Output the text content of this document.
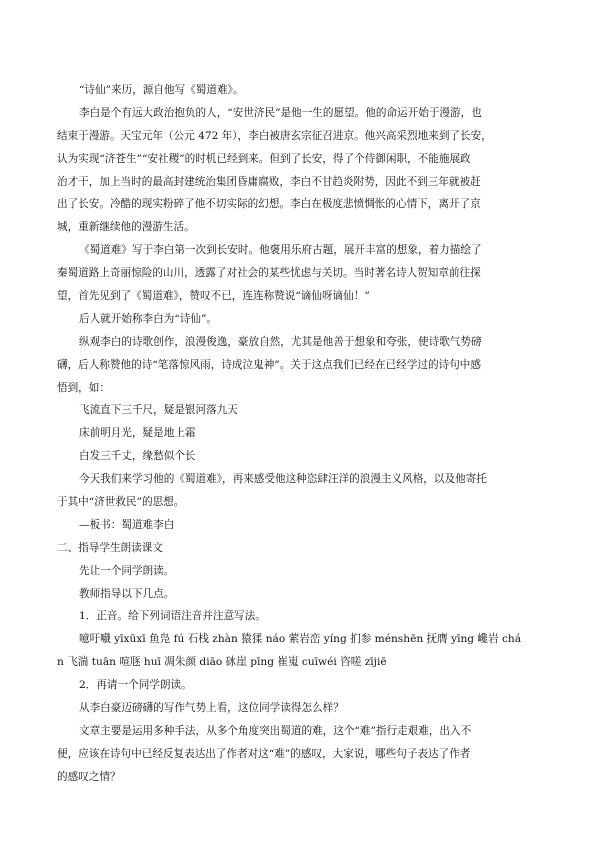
“诗仙”来历，源自他写《蜀道难》。
李白是个有远大政治抱负的人，“安世济民”是他一生的愿望。他的命运开始于漫游，也
结束于漫游。天宝元年（公元 472 年），李白被唐玄宗征召进京。他兴高采烈地来到了长安，
认为实现“济苍生”“安社稷”的时机已经到来。但到了长安，得了个侍御闲职，不能施展政
治才干，加上当时的最高封建统治集团昏庸腐败，李白不甘趋炎附势，因此不到三年就被赶
出了长安。冷酷的现实粉碎了他不切实际的幻想。李白在极度悲愤惆怅的心情下，离开了京
城，重新继续他的漫游生活。
《蜀道难》写于李白第一次到长安时。他褒用乐府古题，展开丰富的想象，着力描绘了
秦蜀道路上奇丽惊险的山川，透露了对社会的某些忧虑与关切。当时著名诗人贺知章前往探
望，首先见到了《蜀道难》，赞叹不已，连连称赞说“谪仙呀谪仙！”
后人就开始称李白为“诗仙”。
纵观李白的诗歌创作，浪漫俊逸，豪放自然，尤其是他善于想象和夸张，使诗歌气势磅
礴，后人称赞他的诗“笔落惊风雨，诗成泣鬼神”。关于这点我们已经在已经学过的诗句中感
悟到，如：
飞流直下三千尺，疑是银河落九天
床前明月光，疑是地上霜
白发三千丈，缘愁似个长
今天我们来学习他的《蜀道难》，再来感受他这种恣肆汪洋的浪漫主义风格，以及他寄托
于其中“济世救民”的思想。
—板书：蜀道难李白
二、指导学生朗读课文
先让一个同学朗读。
教师指导以下几点。
1．正音。给下列词语注音并注意写法。
噫吁嚱 yīxūxī 鱼凫 fú 石栈 zhàn 猿猱 náo 萦岩峦 yíng 扪参 ménshēn 抚膺 yīng 巉岩 chá
n 飞湍 tuān 喧豗 huī 凋朱颜 diāo 砯崖 pīng 崔嵬 cuīwéi 咨嗟 zījiē
2．再请一个同学朗读。
从李白豪迈磅礴的写作气势上看，这位同学读得怎么样？
文章主要是运用多种手法，从多个角度突出蜀道的难，这个“难”指行走艰难，出入不
便，应该在诗句中已经反复表达出了作者对这“难”的感叹，大家说，哪些句子表达了作者
的感叹之情？
